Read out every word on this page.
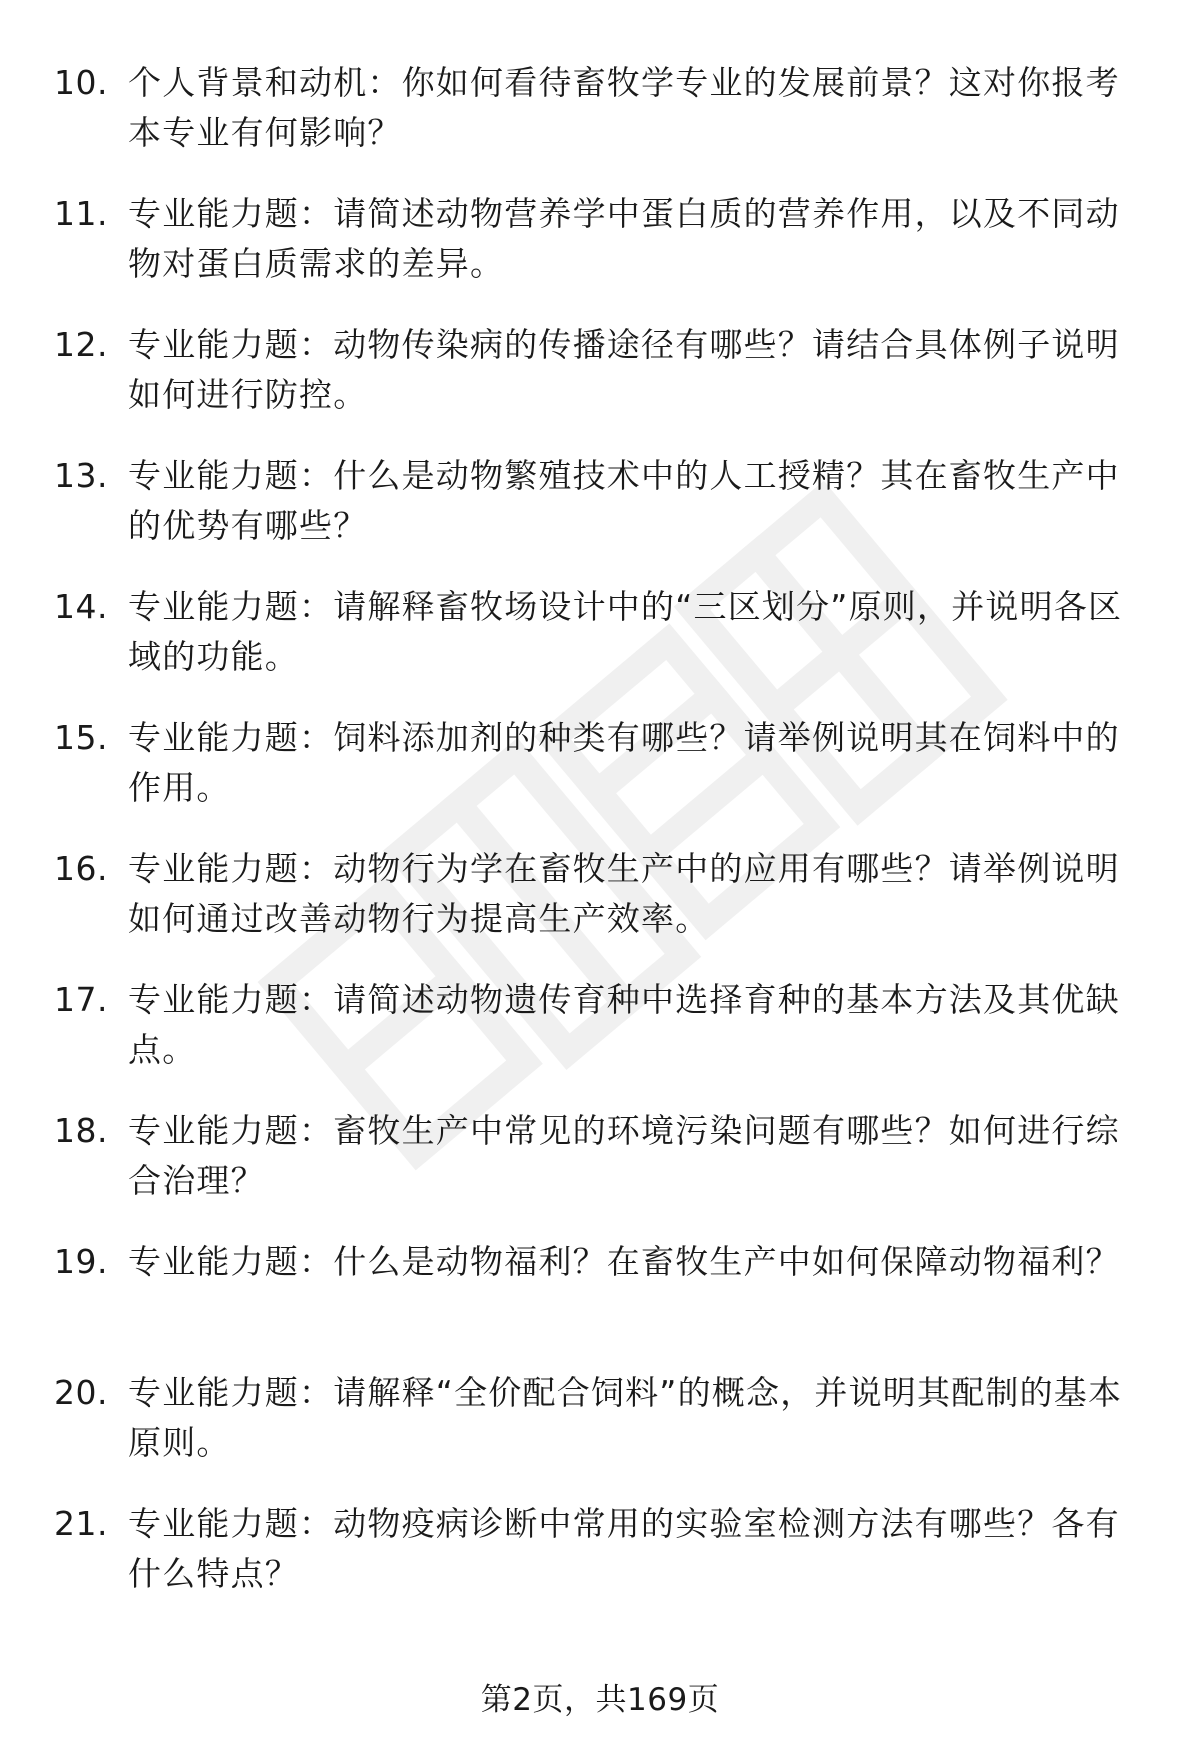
10. 个人背景和动机：你如何看待畜牧学专业的发展前景？这对你报考本专业有何影响？
11. 专业能力题：请简述动物营养学中蛋白质的营养作用，以及不同动物对蛋白质需求的差异。
12. 专业能力题：动物传染病的传播途径有哪些？请结合具体例子说明如何进行防控。
13. 专业能力题：什么是动物繁殖技术中的人工授精？其在畜牧生产中的优势有哪些？
14. 专业能力题：请解释畜牧场设计中的“三区划分”原则，并说明各区域的功能。
15. 专业能力题：饲料添加剂的种类有哪些？请举例说明其在饲料中的作用。
16. 专业能力题：动物行为学在畜牧生产中的应用有哪些？请举例说明如何通过改善动物行为提高生产效率。
17. 专业能力题：请简述动物遗传育种中选择育种的基本方法及其优缺点。
18. 专业能力题：畜牧生产中常见的环境污染问题有哪些？如何进行综合治理？
19. 专业能力题：什么是动物福利？在畜牧生产中如何保障动物福利？
20. 专业能力题：请解释“全价配合饲料”的概念，并说明其配制的基本原则。
21. 专业能力题：动物疫病诊断中常用的实验室检测方法有哪些？各有什么特点？
第2页，共169页
